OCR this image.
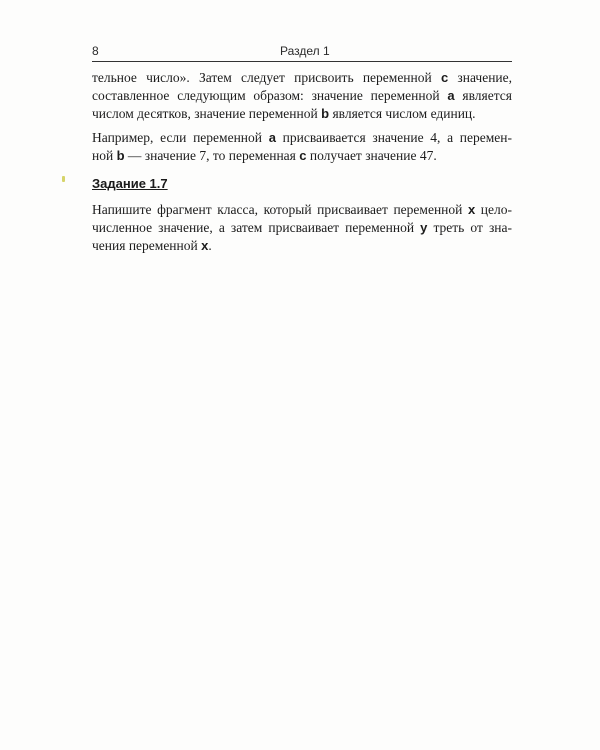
8	Раздел 1

тельное число». Затем следует присвоить переменной с значение,
составленное следующим образом: значение переменной а является
числом десятков, значение переменной b является числом единиц.

Например, если переменной а присваивается значение 4, а перемен-
ной b — значение 7, то переменная с получает значение 47.

Задание 1.7

Напишите фрагмент класса, который присваивает переменной x цело-
численное значение, а затем присваивает переменной y треть от зна-
чения переменной x.
